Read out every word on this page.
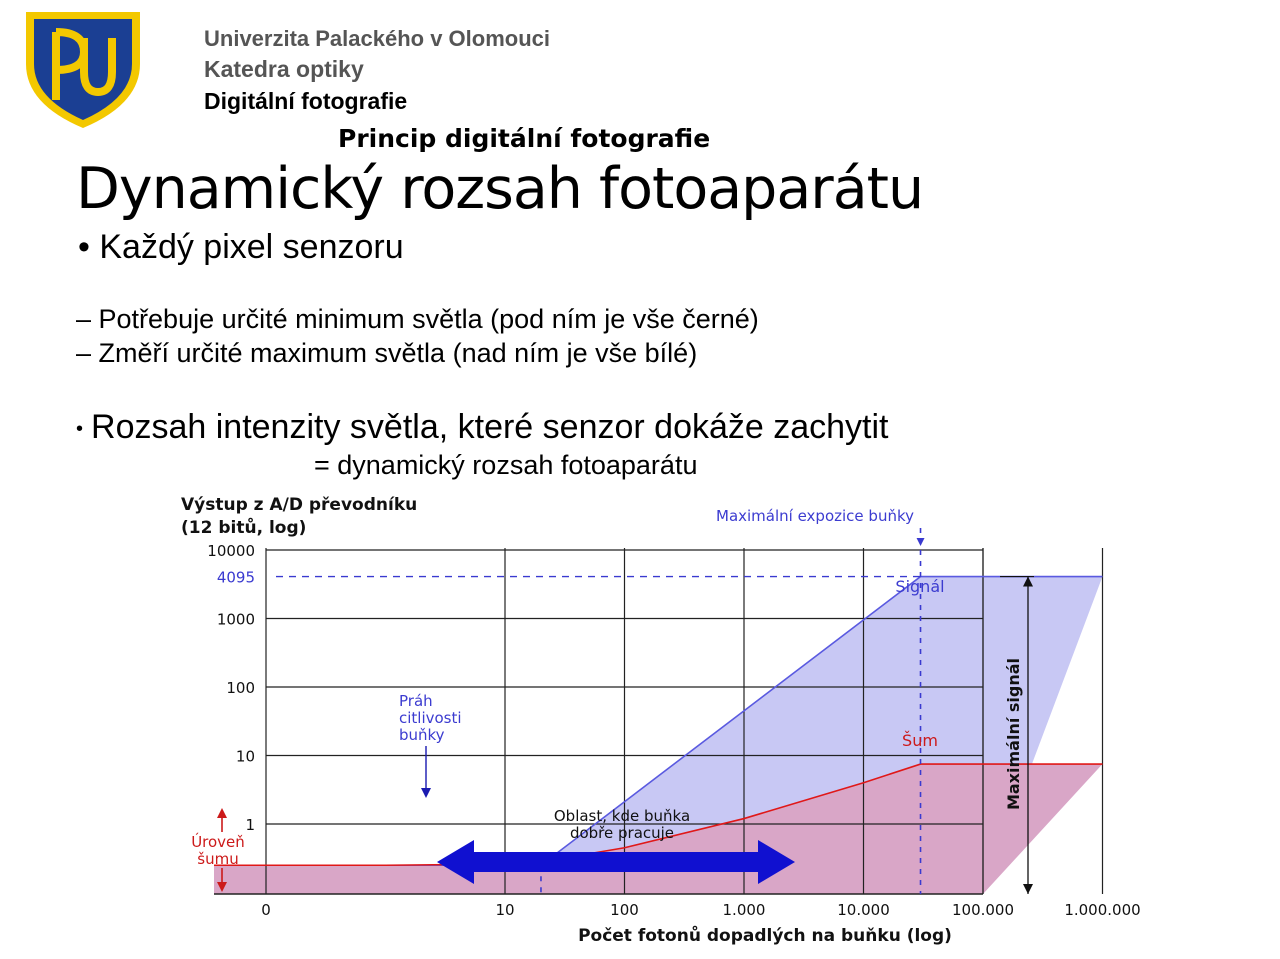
Univerzita Palackého v Olomouci
Katedra optiky
Digitální fotografie
Princip digitální fotografie
Dynamický rozsah fotoaparátu
• Každý pixel senzoru
– Potřebuje určité minimum světla (pod ním je vše černé)
– Změří určité maximum světla (nad ním je vše bílé)
• Rozsah intenzity světla, které senzor dokáže zachytit
= dynamický rozsah fotoaparátu
10000
4095
1000
100
10
1
0	10	100	1.000	10.000	100.000	1.000.000
Výstup z A/D převodníku
(12 bitů, log)
Počet fotonů dopadlých na buňku (log)
Maximální expozice buňky
Signál
Šum
Práh
citlivosti
buňky
Oblast, kde buňka
dobře pracuje
Úroveň
šumu
Maximální signál
